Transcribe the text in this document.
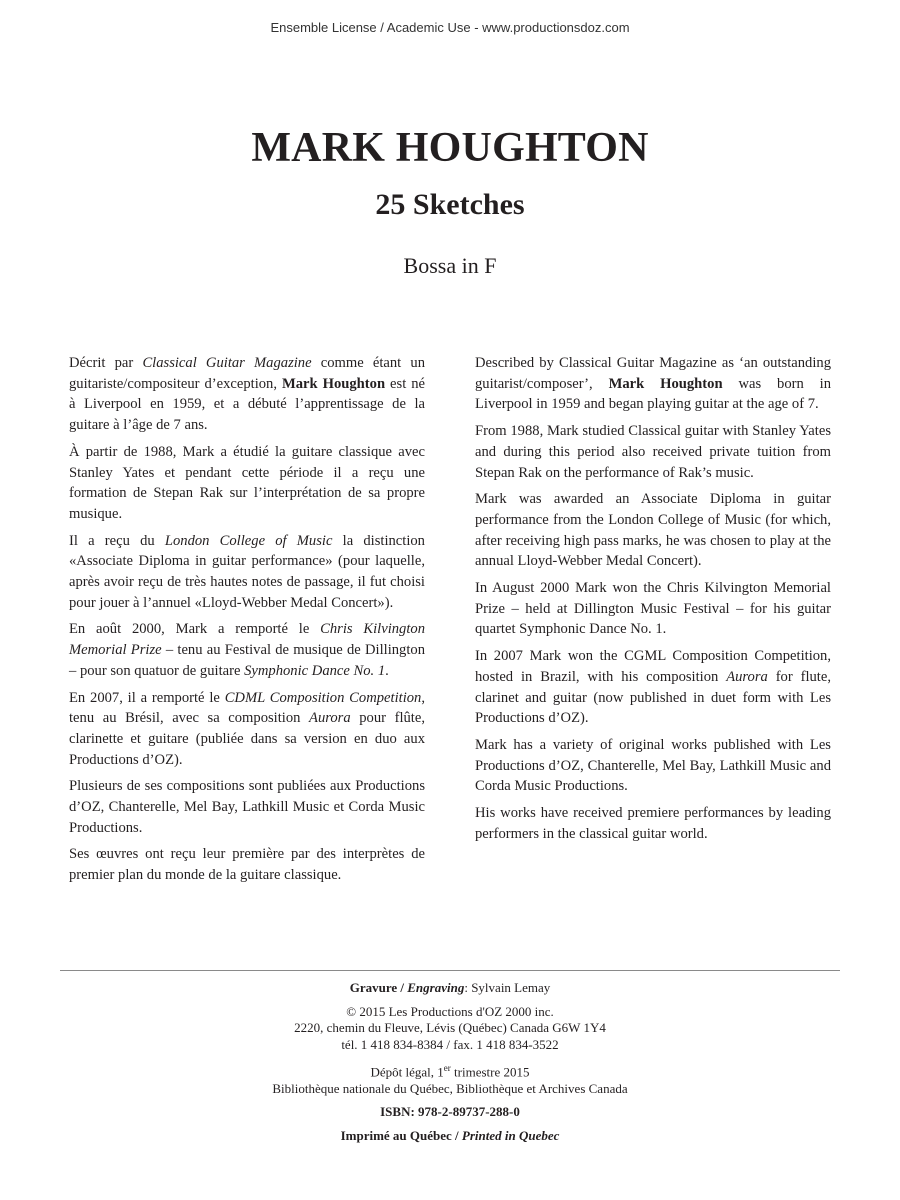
Ensemble License / Academic Use - www.productionsdoz.com
MARK HOUGHTON
25 Sketches
Bossa in F

Décrit par Classical Guitar Magazine comme étant un guitariste/compositeur d’exception, Mark Houghton est né à Liverpool en 1959, et a débuté l’apprentissage de la guitare à l’âge de 7 ans.

À partir de 1988, Mark a étudié la guitare classique avec Stanley Yates et pendant cette période il a reçu une formation de Stepan Rak sur l’interprétation de sa propre musique.

Il a reçu du London College of Music la distinction «Associate Diploma in guitar performance» (pour laquelle, après avoir reçu de très hautes notes de passage, il fut choisi pour jouer à l’annuel «Lloyd-Webber Medal Concert»).

En août 2000, Mark a remporté le Chris Kilvington Memorial Prize – tenu au Festival de musique de Dillington – pour son quatuor de guitare Symphonic Dance No. 1.

En 2007, il a remporté le CDML Composition Competition, tenu au Brésil, avec sa composition Aurora pour flûte, clarinette et guitare (publiée dans sa version en duo aux Productions d’OZ).

Plusieurs de ses compositions sont publiées aux Productions d’OZ, Chanterelle, Mel Bay, Lathkill Music et Corda Music Productions.

Ses œuvres ont reçu leur première par des interprètes de premier plan du monde de la guitare classique.

Described by Classical Guitar Magazine as ‘an outstanding guitarist/composer’, Mark Houghton was born in Liverpool in 1959 and began playing guitar at the age of 7.

From 1988, Mark studied Classical guitar with Stanley Yates and during this period also received private tuition from Stepan Rak on the performance of Rak’s music.

Mark was awarded an Associate Diploma in guitar performance from the London College of Music (for which, after receiving high pass marks, he was chosen to play at the annual Lloyd-Webber Medal Concert).

In August 2000 Mark won the Chris Kilvington Memorial Prize – held at Dillington Music Festival – for his guitar quartet Symphonic Dance No. 1.

In 2007 Mark won the CGML Composition Competition, hosted in Brazil, with his composition Aurora for flute, clarinet and guitar (now published in duet form with Les Productions d’OZ).

Mark has a variety of original works published with Les Productions d’OZ, Chanterelle, Mel Bay, Lathkill Music and Corda Music Productions.

His works have received premiere performances by leading performers in the classical guitar world.

Gravure / Engraving: Sylvain Lemay
© 2015 Les Productions d'OZ 2000 inc.
2220, chemin du Fleuve, Lévis (Québec) Canada G6W 1Y4
tél. 1 418 834-8384 / fax. 1 418 834-3522
Dépôt légal, 1er trimestre 2015
Bibliothèque nationale du Québec, Bibliothèque et Archives Canada
ISBN: 978-2-89737-288-0
Imprimé au Québec / Printed in Quebec
